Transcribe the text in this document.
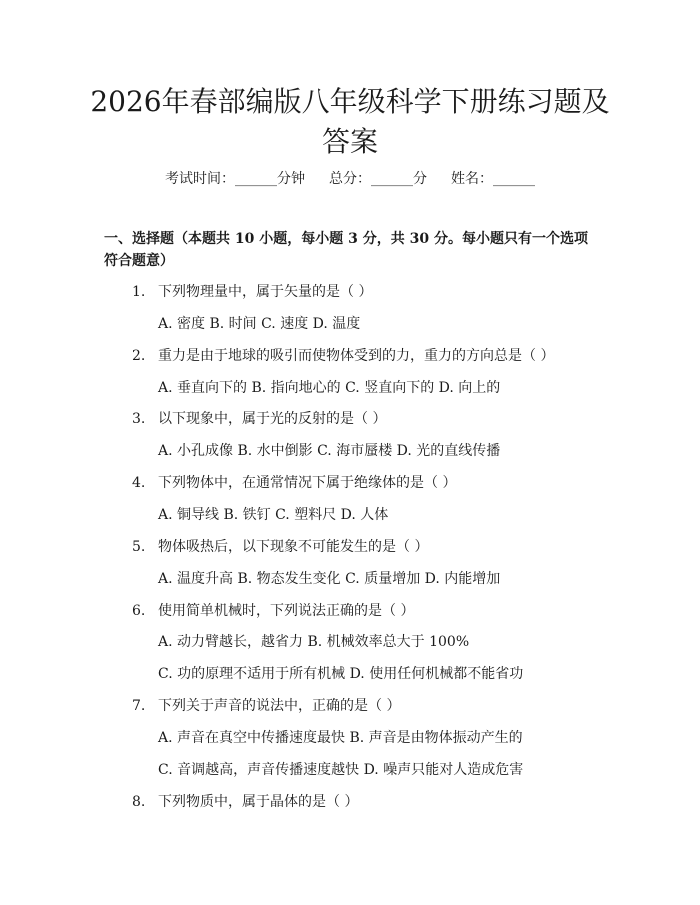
2026年春部编版八年级科学下册练习题及答案
考试时间：______分钟 总分：______分 姓名：______
一、选择题（本题共 10 小题，每小题 3 分，共 30 分。每小题只有一个选项符合题意）
1. 下列物理量中，属于矢量的是（ ）
A. 密度 B. 时间 C. 速度 D. 温度
2. 重力是由于地球的吸引而使物体受到的力，重力的方向总是（ ）
A. 垂直向下的 B. 指向地心的 C. 竖直向下的 D. 向上的
3. 以下现象中，属于光的反射的是（ ）
A. 小孔成像 B. 水中倒影 C. 海市蜃楼 D. 光的直线传播
4. 下列物体中，在通常情况下属于绝缘体的是（ ）
A. 铜导线 B. 铁钉 C. 塑料尺 D. 人体
5. 物体吸热后，以下现象不可能发生的是（ ）
A. 温度升高 B. 物态发生变化 C. 质量增加 D. 内能增加
6. 使用简单机械时，下列说法正确的是（ ）
A. 动力臂越长，越省力 B. 机械效率总大于 100%
C. 功的原理不适用于所有机械 D. 使用任何机械都不能省功
7. 下列关于声音的说法中，正确的是（ ）
A. 声音在真空中传播速度最快 B. 声音是由物体振动产生的
C. 音调越高，声音传播速度越快 D. 噪声只能对人造成危害
8. 下列物质中，属于晶体的是（ ）
